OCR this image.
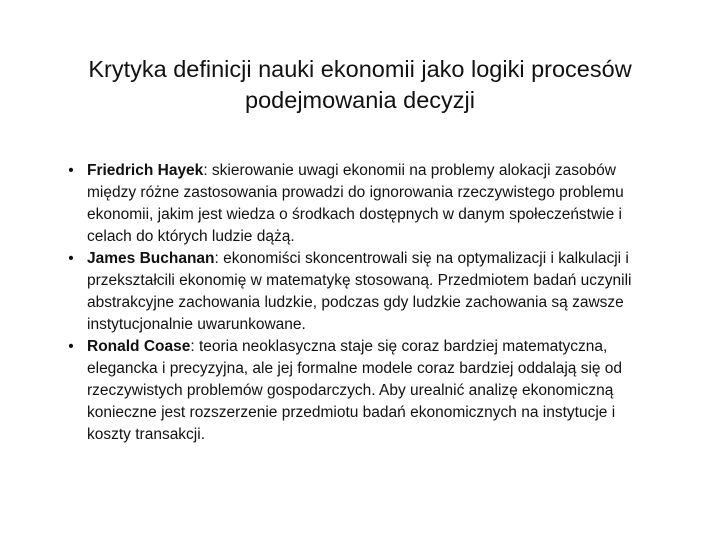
Krytyka definicji nauki ekonomii jako logiki procesów podejmowania decyzji
• Friedrich Hayek: skierowanie uwagi ekonomii na problemy alokacji zasobów między różne zastosowania prowadzi do ignorowania rzeczywistego problemu ekonomii, jakim jest wiedza o środkach dostępnych w danym społeczeństwie i celach do których ludzie dążą.
• James Buchanan: ekonomiści skoncentrowali się na optymalizacji i kalkulacji i przekształcili ekonomię w matematykę stosowaną. Przedmiotem badań uczynili abstrakcyjne zachowania ludzkie, podczas gdy ludzkie zachowania są zawsze instytucjonalnie uwarunkowane.
• Ronald Coase: teoria neoklasyczna staje się coraz bardziej matematyczna, elegancka i precyzyjna, ale jej formalne modele coraz bardziej oddalają się od rzeczywistych problemów gospodarczych. Aby urealnić analizę ekonomiczną konieczne jest rozszerzenie przedmiotu badań ekonomicznych na instytucje i koszty transakcji.
